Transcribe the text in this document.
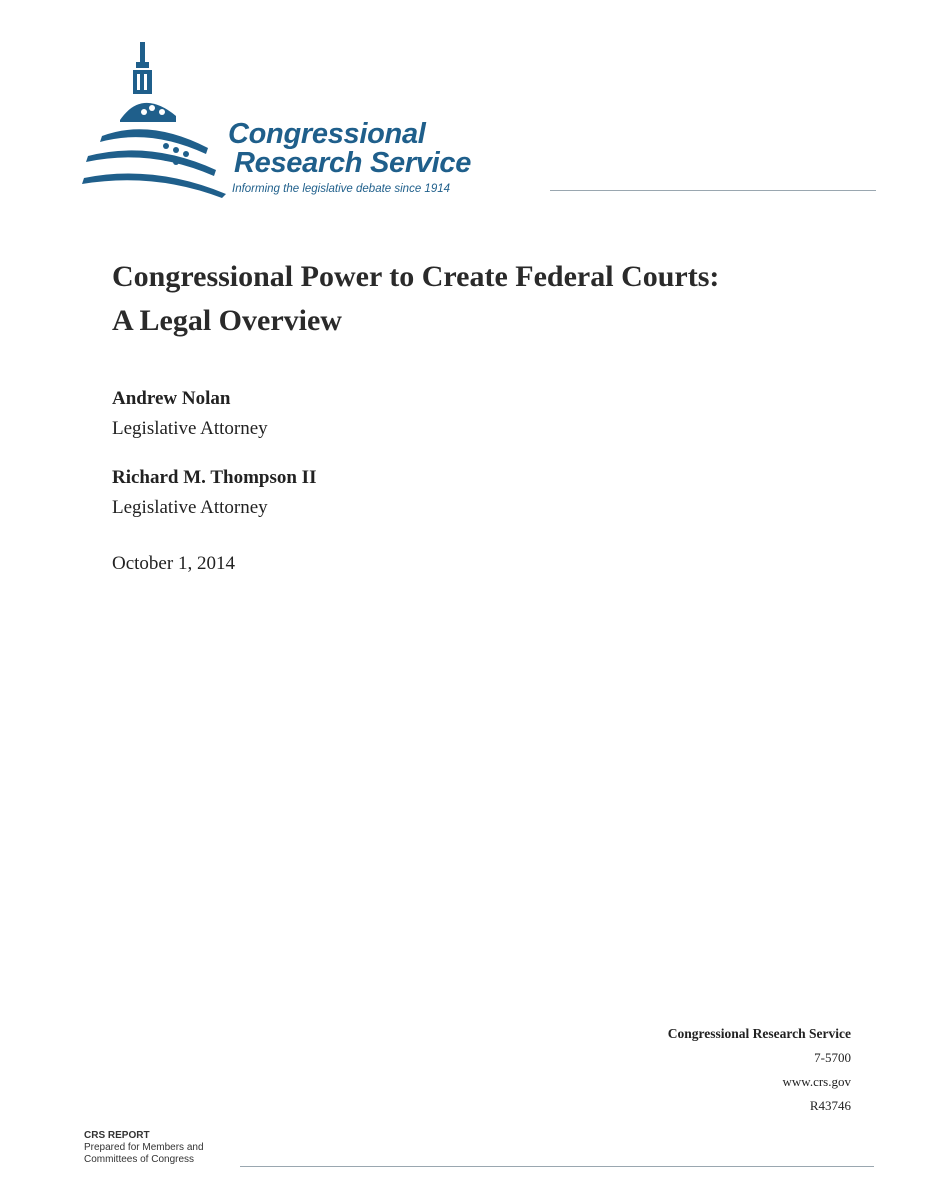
Congressional
Research Service
Informing the legislative debate since 1914
Congressional Power to Create Federal Courts:
A Legal Overview
Andrew Nolan
Legislative Attorney
Richard M. Thompson II
Legislative Attorney
October 1, 2014
Congressional Research Service
7-5700
www.crs.gov
R43746
CRS REPORT
Prepared for Members and
Committees of Congress
